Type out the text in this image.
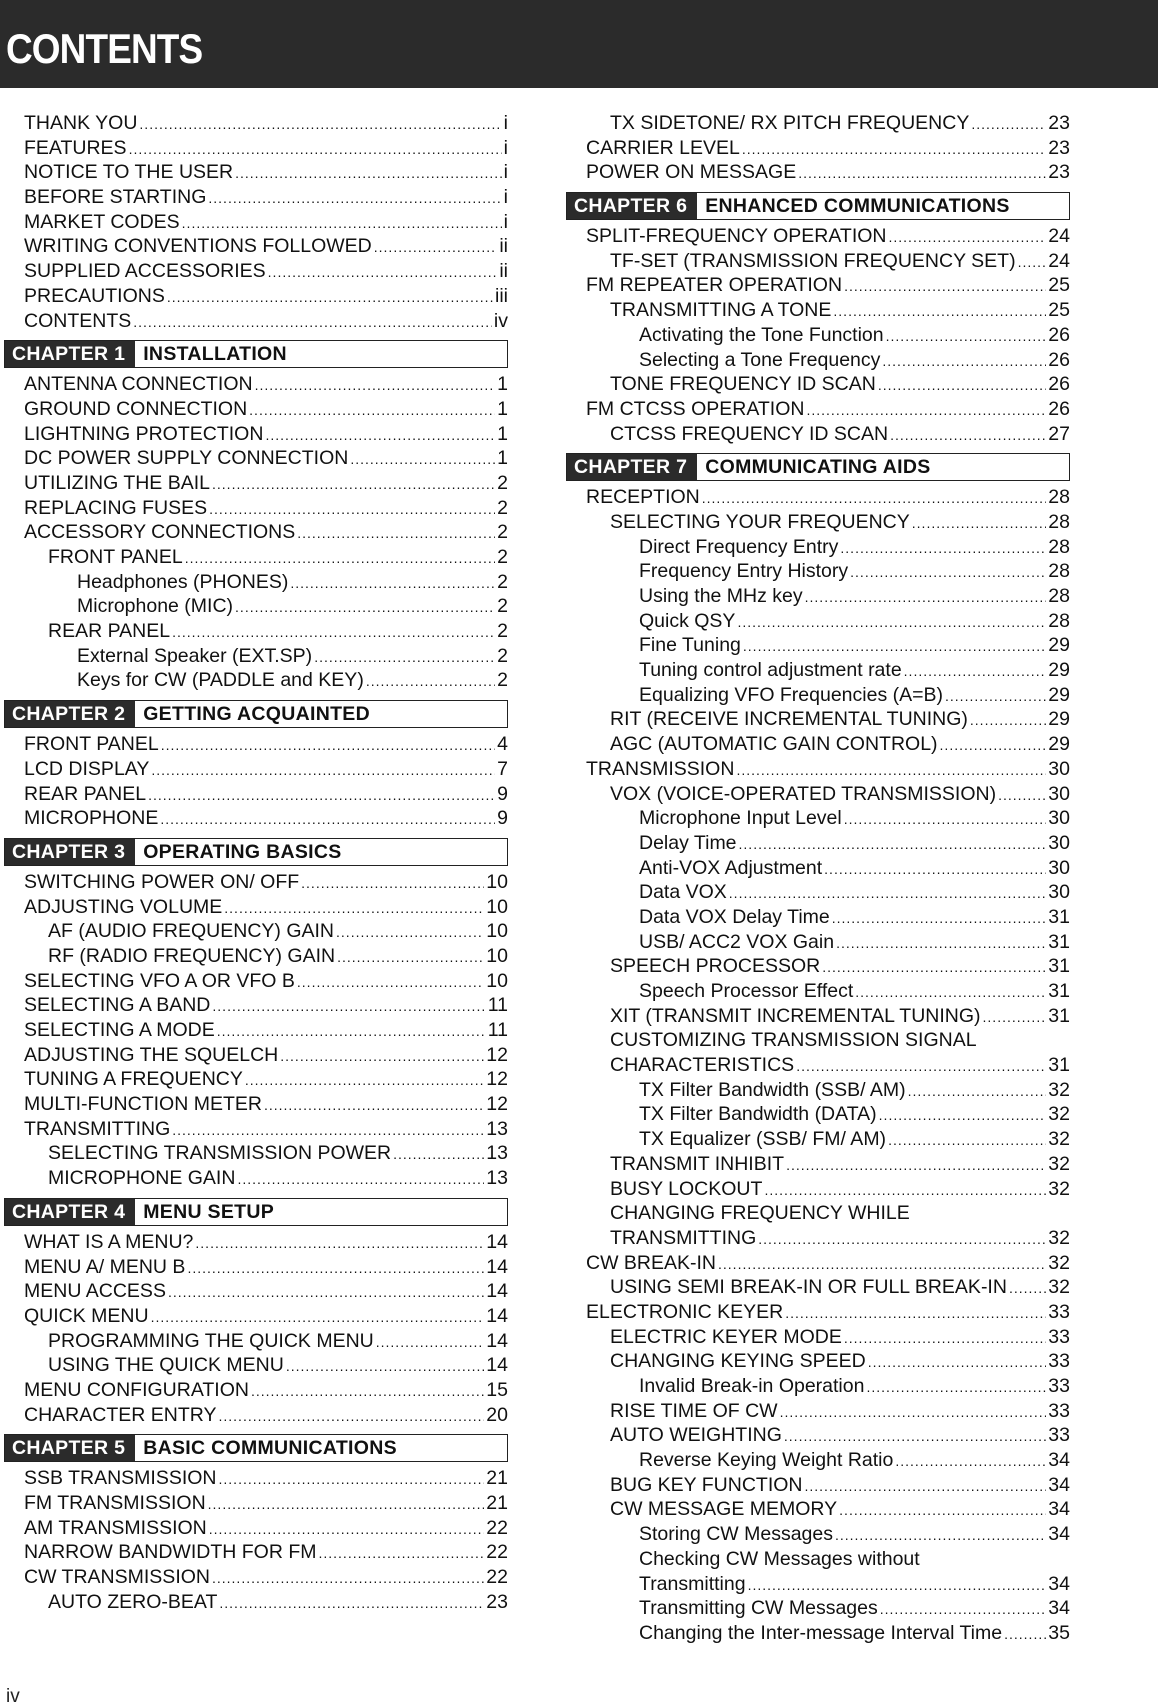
CONTENTS
THANK YOU .....	i
FEATURES .....	i
NOTICE TO THE USER .....	i
BEFORE STARTING .....	i
MARKET CODES .....	i
WRITING CONVENTIONS FOLLOWED .....	ii
SUPPLIED ACCESSORIES .....	ii
PRECAUTIONS .....	iii
CONTENTS .....	iv
CHAPTER 1 INSTALLATION
ANTENNA CONNECTION .....	1
GROUND CONNECTION .....	1
LIGHTNING PROTECTION .....	1
DC POWER SUPPLY CONNECTION .....	1
UTILIZING THE BAIL .....	2
REPLACING FUSES .....	2
ACCESSORY CONNECTIONS .....	2
FRONT PANEL .....	2
Headphones (PHONES) .....	2
Microphone (MIC) .....	2
REAR PANEL .....	2
External Speaker (EXT.SP) .....	2
Keys for CW (PADDLE and KEY) .....	2
CHAPTER 2 GETTING ACQUAINTED
FRONT PANEL .....	4
LCD DISPLAY .....	7
REAR PANEL .....	9
MICROPHONE .....	9
CHAPTER 3 OPERATING BASICS
SWITCHING POWER ON/ OFF .....	10
ADJUSTING VOLUME .....	10
AF (AUDIO FREQUENCY) GAIN .....	10
RF (RADIO FREQUENCY) GAIN .....	10
SELECTING VFO A OR VFO B .....	10
SELECTING A BAND .....	11
SELECTING A MODE .....	11
ADJUSTING THE SQUELCH .....	12
TUNING A FREQUENCY .....	12
MULTI-FUNCTION METER .....	12
TRANSMITTING .....	13
SELECTING TRANSMISSION POWER .....	13
MICROPHONE GAIN .....	13
CHAPTER 4 MENU SETUP
WHAT IS A MENU? .....	14
MENU A/ MENU B .....	14
MENU ACCESS .....	14
QUICK MENU .....	14
PROGRAMMING THE QUICK MENU .....	14
USING THE QUICK MENU .....	14
MENU CONFIGURATION .....	15
CHARACTER ENTRY .....	20
CHAPTER 5 BASIC COMMUNICATIONS
SSB TRANSMISSION .....	21
FM TRANSMISSION .....	21
AM TRANSMISSION .....	22
NARROW BANDWIDTH FOR FM .....	22
CW TRANSMISSION .....	22
AUTO ZERO-BEAT .....	23
TX SIDETONE/ RX PITCH FREQUENCY .....	23
CARRIER LEVEL .....	23
POWER ON MESSAGE .....	23
CHAPTER 6 ENHANCED COMMUNICATIONS
SPLIT-FREQUENCY OPERATION .....	24
TF-SET (TRANSMISSION FREQUENCY SET) ..... 24
FM REPEATER OPERATION .....	25
TRANSMITTING A TONE .....	25
Activating the Tone Function .....	26
Selecting a Tone Frequency .....	26
TONE FREQUENCY ID SCAN .....	26
FM CTCSS OPERATION .....	26
CTCSS FREQUENCY ID SCAN .....	27
CHAPTER 7 COMMUNICATING AIDS
RECEPTION .....	28
SELECTING YOUR FREQUENCY .....	28
Direct Frequency Entry .....	28
Frequency Entry History .....	28
Using the MHz key .....	28
Quick QSY .....	28
Fine Tuning .....	29
Tuning control adjustment rate .....	29
Equalizing VFO Frequencies (A=B) .....	29
RIT (RECEIVE INCREMENTAL TUNING) .....	29
AGC (AUTOMATIC GAIN CONTROL) .....	29
TRANSMISSION .....	30
VOX (VOICE-OPERATED TRANSMISSION) .....	30
Microphone Input Level .....	30
Delay Time .....	30
Anti-VOX Adjustment .....	30
Data VOX .....	30
Data VOX Delay Time .....	31
USB/ ACC2 VOX Gain .....	31
SPEECH PROCESSOR .....	31
Speech Processor Effect .....	31
XIT (TRANSMIT INCREMENTAL TUNING) .....	31
CUSTOMIZING TRANSMISSION SIGNAL
CHARACTERISTICS .....	31
TX Filter Bandwidth (SSB/ AM) .....	32
TX Filter Bandwidth (DATA) .....	32
TX Equalizer (SSB/ FM/ AM) .....	32
TRANSMIT INHIBIT .....	32
BUSY LOCKOUT .....	32
CHANGING FREQUENCY WHILE
TRANSMITTING .....	32
CW BREAK-IN .....	32
USING SEMI BREAK-IN OR FULL BREAK-IN ..... 32
ELECTRONIC KEYER .....	33
ELECTRIC KEYER MODE .....	33
CHANGING KEYING SPEED .....	33
Invalid Break-in Operation .....	33
RISE TIME OF CW .....	33
AUTO WEIGHTING .....	33
Reverse Keying Weight Ratio .....	34
BUG KEY FUNCTION .....	34
CW MESSAGE MEMORY .....	34
Storing CW Messages .....	34
Checking CW Messages without
Transmitting .....	34
Transmitting CW Messages .....	34
Changing the Inter-message Interval Time ..... 35
iv
